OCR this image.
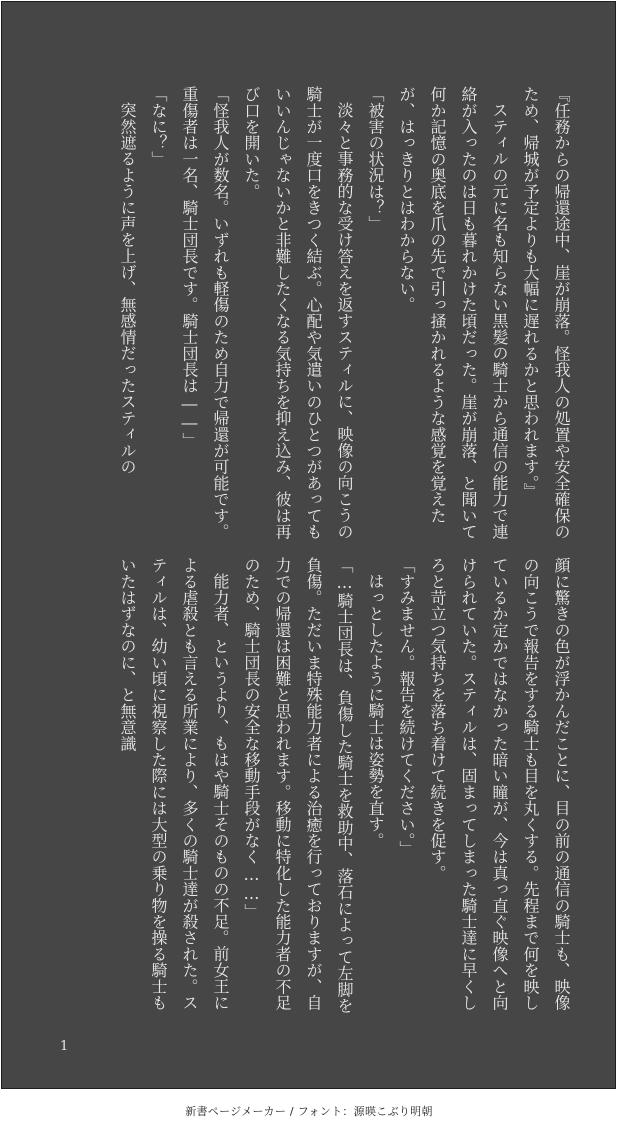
『任務からの帰還途中、崖が崩落。怪我人の処置や安全確保のため、帰城が予定よりも大幅に遅れるかと思われます。』

スティルの元に名も知らない黒髪の騎士から通信の能力で連絡が入ったのは日も暮れかけた頃だった。崖が崩落、と聞いて何か記憶の奥底を爪の先で引っ掻かれるような感覚を覚えたが、はっきりとはわからない。

「被害の状況は？」

淡々と事務的な受け答えを返すスティルに、映像の向こうの騎士が一度口をきつく結ぶ。心配や気遣いのひとつがあってもいいんじゃないかと非難したくなる気持ちを抑え込み、彼は再び口を開いた。

「怪我人が数名。いずれも軽傷のため自力で帰還が可能です。重傷者は一名、騎士団長です。騎士団長は――」

「なに？」

突然遮るように声を上げ、無感情だったスティルの

顔に驚きの色が浮かんだことに、目の前の通信の騎士も、映像の向こうで報告をする騎士も目を丸くする。先程まで何を映しているか定かではなかった暗い瞳が、今は真っ直ぐ映像へと向けられていた。スティルは、固まってしまった騎士達に早くしろと苛立つ気持ちを落ち着けて続きを促す。

「すみません。報告を続けてください。」

はっとしたように騎士は姿勢を直す。

「…騎士団長は、負傷した騎士を救助中、落石によって左脚を負傷。ただいま特殊能力者による治癒を行っておりますが、自力での帰還は困難と思われます。移動に特化した能力者の不足のため、騎士団長の安全な移動手段がなく……」

能力者、というより、もはや騎士そのものの不足。前女王による虐殺とも言える所業により、多くの騎士達が殺された。スティルは、幼い頃に視察した際には大型の乗り物を操る騎士もいたはずなのに、と無意識

1
新書ページメーカー / フォント：源暎こぶり明朝
